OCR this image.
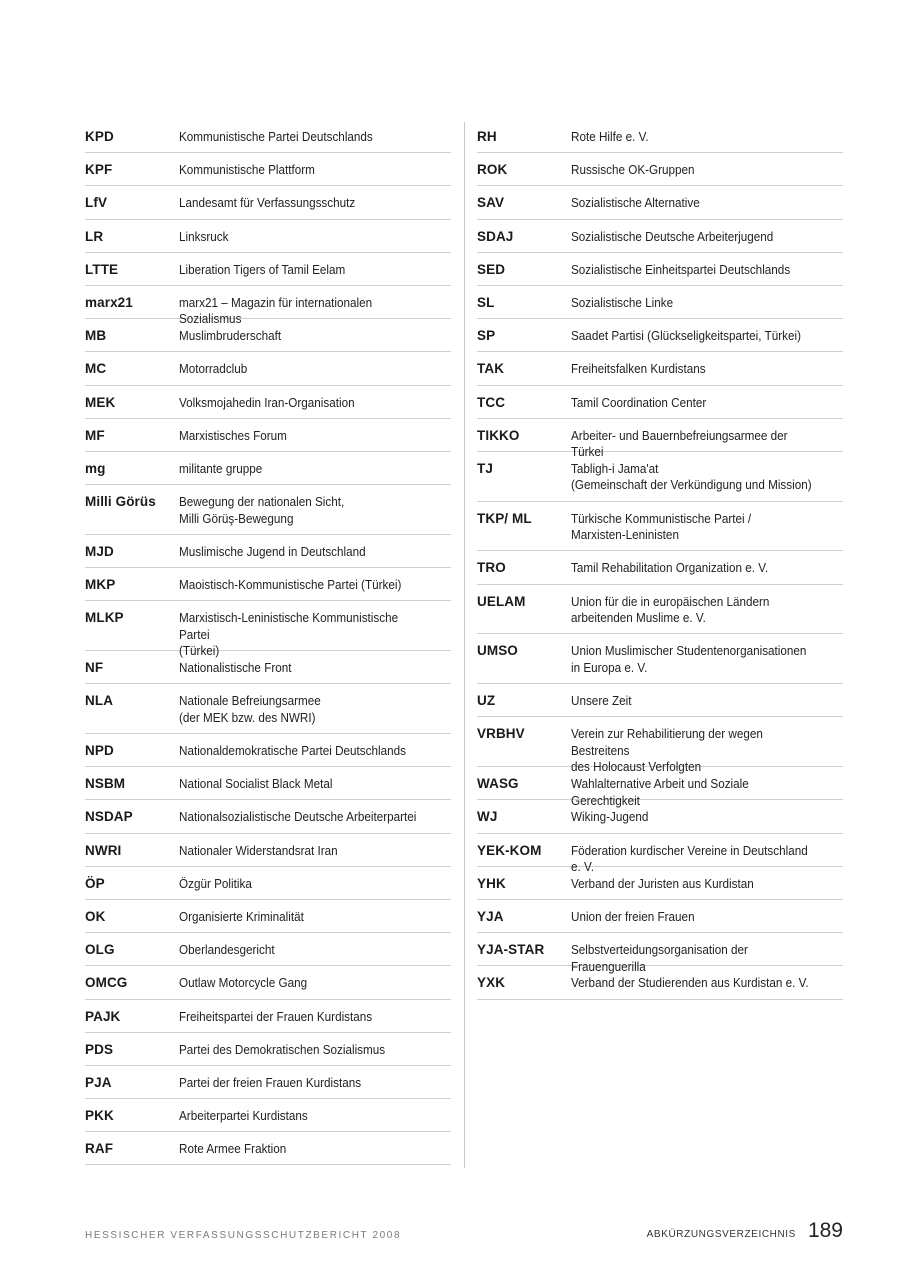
KPD	Kommunistische Partei Deutschlands
KPF	Kommunistische Plattform
LfV	Landesamt für Verfassungsschutz
LR	Linksruck
LTTE	Liberation Tigers of Tamil Eelam
marx21	marx21 – Magazin für internationalen Sozialismus
MB	Muslimbruderschaft
MC	Motorradclub
MEK	Volksmojahedin Iran-Organisation
MF	Marxistisches Forum
mg	militante gruppe
Milli Görüs	Bewegung der nationalen Sicht,
Milli Görüş-Bewegung
MJD	Muslimische Jugend in Deutschland
MKP	Maoistisch-Kommunistische Partei (Türkei)
MLKP	Marxistisch-Leninistische Kommunistische Partei
(Türkei)
NF	Nationalistische Front
NLA	Nationale Befreiungsarmee
(der MEK bzw. des NWRI)
NPD	Nationaldemokratische Partei Deutschlands
NSBM	National Socialist Black Metal
NSDAP	Nationalsozialistische Deutsche Arbeiterpartei
NWRI	Nationaler Widerstandsrat Iran
ÖP	Özgür Politika
OK	Organisierte Kriminalität
OLG	Oberlandesgericht
OMCG	Outlaw Motorcycle Gang
PAJK	Freiheitspartei der Frauen Kurdistans
PDS	Partei des Demokratischen Sozialismus
PJA	Partei der freien Frauen Kurdistans
PKK	Arbeiterpartei Kurdistans
RAF	Rote Armee Fraktion
RH	Rote Hilfe e. V.
ROK	Russische OK-Gruppen
SAV	Sozialistische Alternative
SDAJ	Sozialistische Deutsche Arbeiterjugend
SED	Sozialistische Einheitspartei Deutschlands
SL	Sozialistische Linke
SP	Saadet Partisi (Glückseligkeitspartei, Türkei)
TAK	Freiheitsfalken Kurdistans
TCC	Tamil Coordination Center
TIKKO	Arbeiter- und Bauernbefreiungsarmee der Türkei
TJ	Tabligh-i Jama'at
(Gemeinschaft der Verkündigung und Mission)
TKP/ ML	Türkische Kommunistische Partei /
Marxisten-Leninisten
TRO	Tamil Rehabilitation Organization e. V.
UELAM	Union für die in europäischen Ländern
arbeitenden Muslime e. V.
UMSO	Union Muslimischer Studentenorganisationen
in Europa e. V.
UZ	Unsere Zeit
VRBHV	Verein zur Rehabilitierung der wegen Bestreitens
des Holocaust Verfolgten
WASG	Wahlalternative Arbeit und Soziale Gerechtigkeit
WJ	Wiking-Jugend
YEK-KOM	Föderation kurdischer Vereine in Deutschland e. V.
YHK	Verband der Juristen aus Kurdistan
YJA	Union der freien Frauen
YJA-STAR	Selbstverteidungsorganisation der Frauenguerilla
YXK	Verband der Studierenden aus Kurdistan e. V.
HESSISCHER VERFASSUNGSSCHUTZBERICHT 2008	ABKÜRZUNGSVERZEICHNIS 189
